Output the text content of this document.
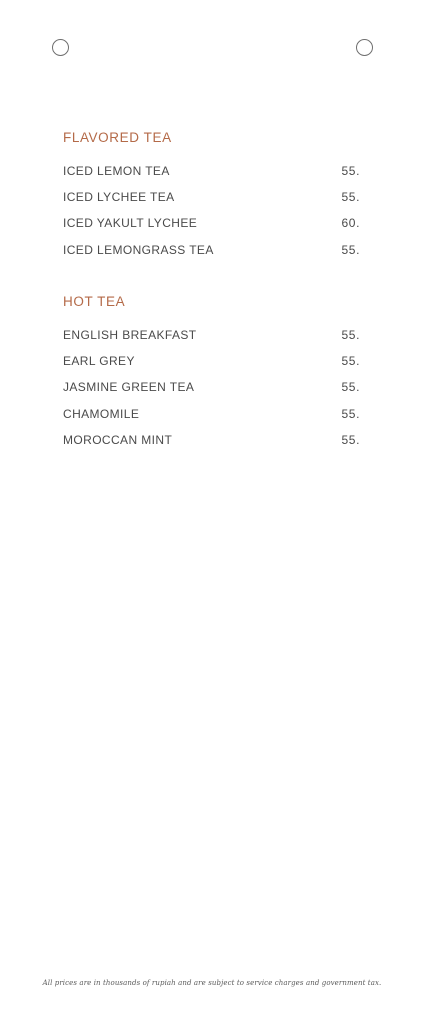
FLAVORED TEA
ICED LEMON TEA	55.
ICED LYCHEE TEA	55.
ICED YAKULT LYCHEE	60.
ICED LEMONGRASS TEA	55.
HOT TEA
ENGLISH BREAKFAST	55.
EARL GREY	55.
JASMINE GREEN TEA	55.
CHAMOMILE	55.
MOROCCAN MINT	55.

All prices are in thousands of rupiah and are subject to service charges and government tax.
